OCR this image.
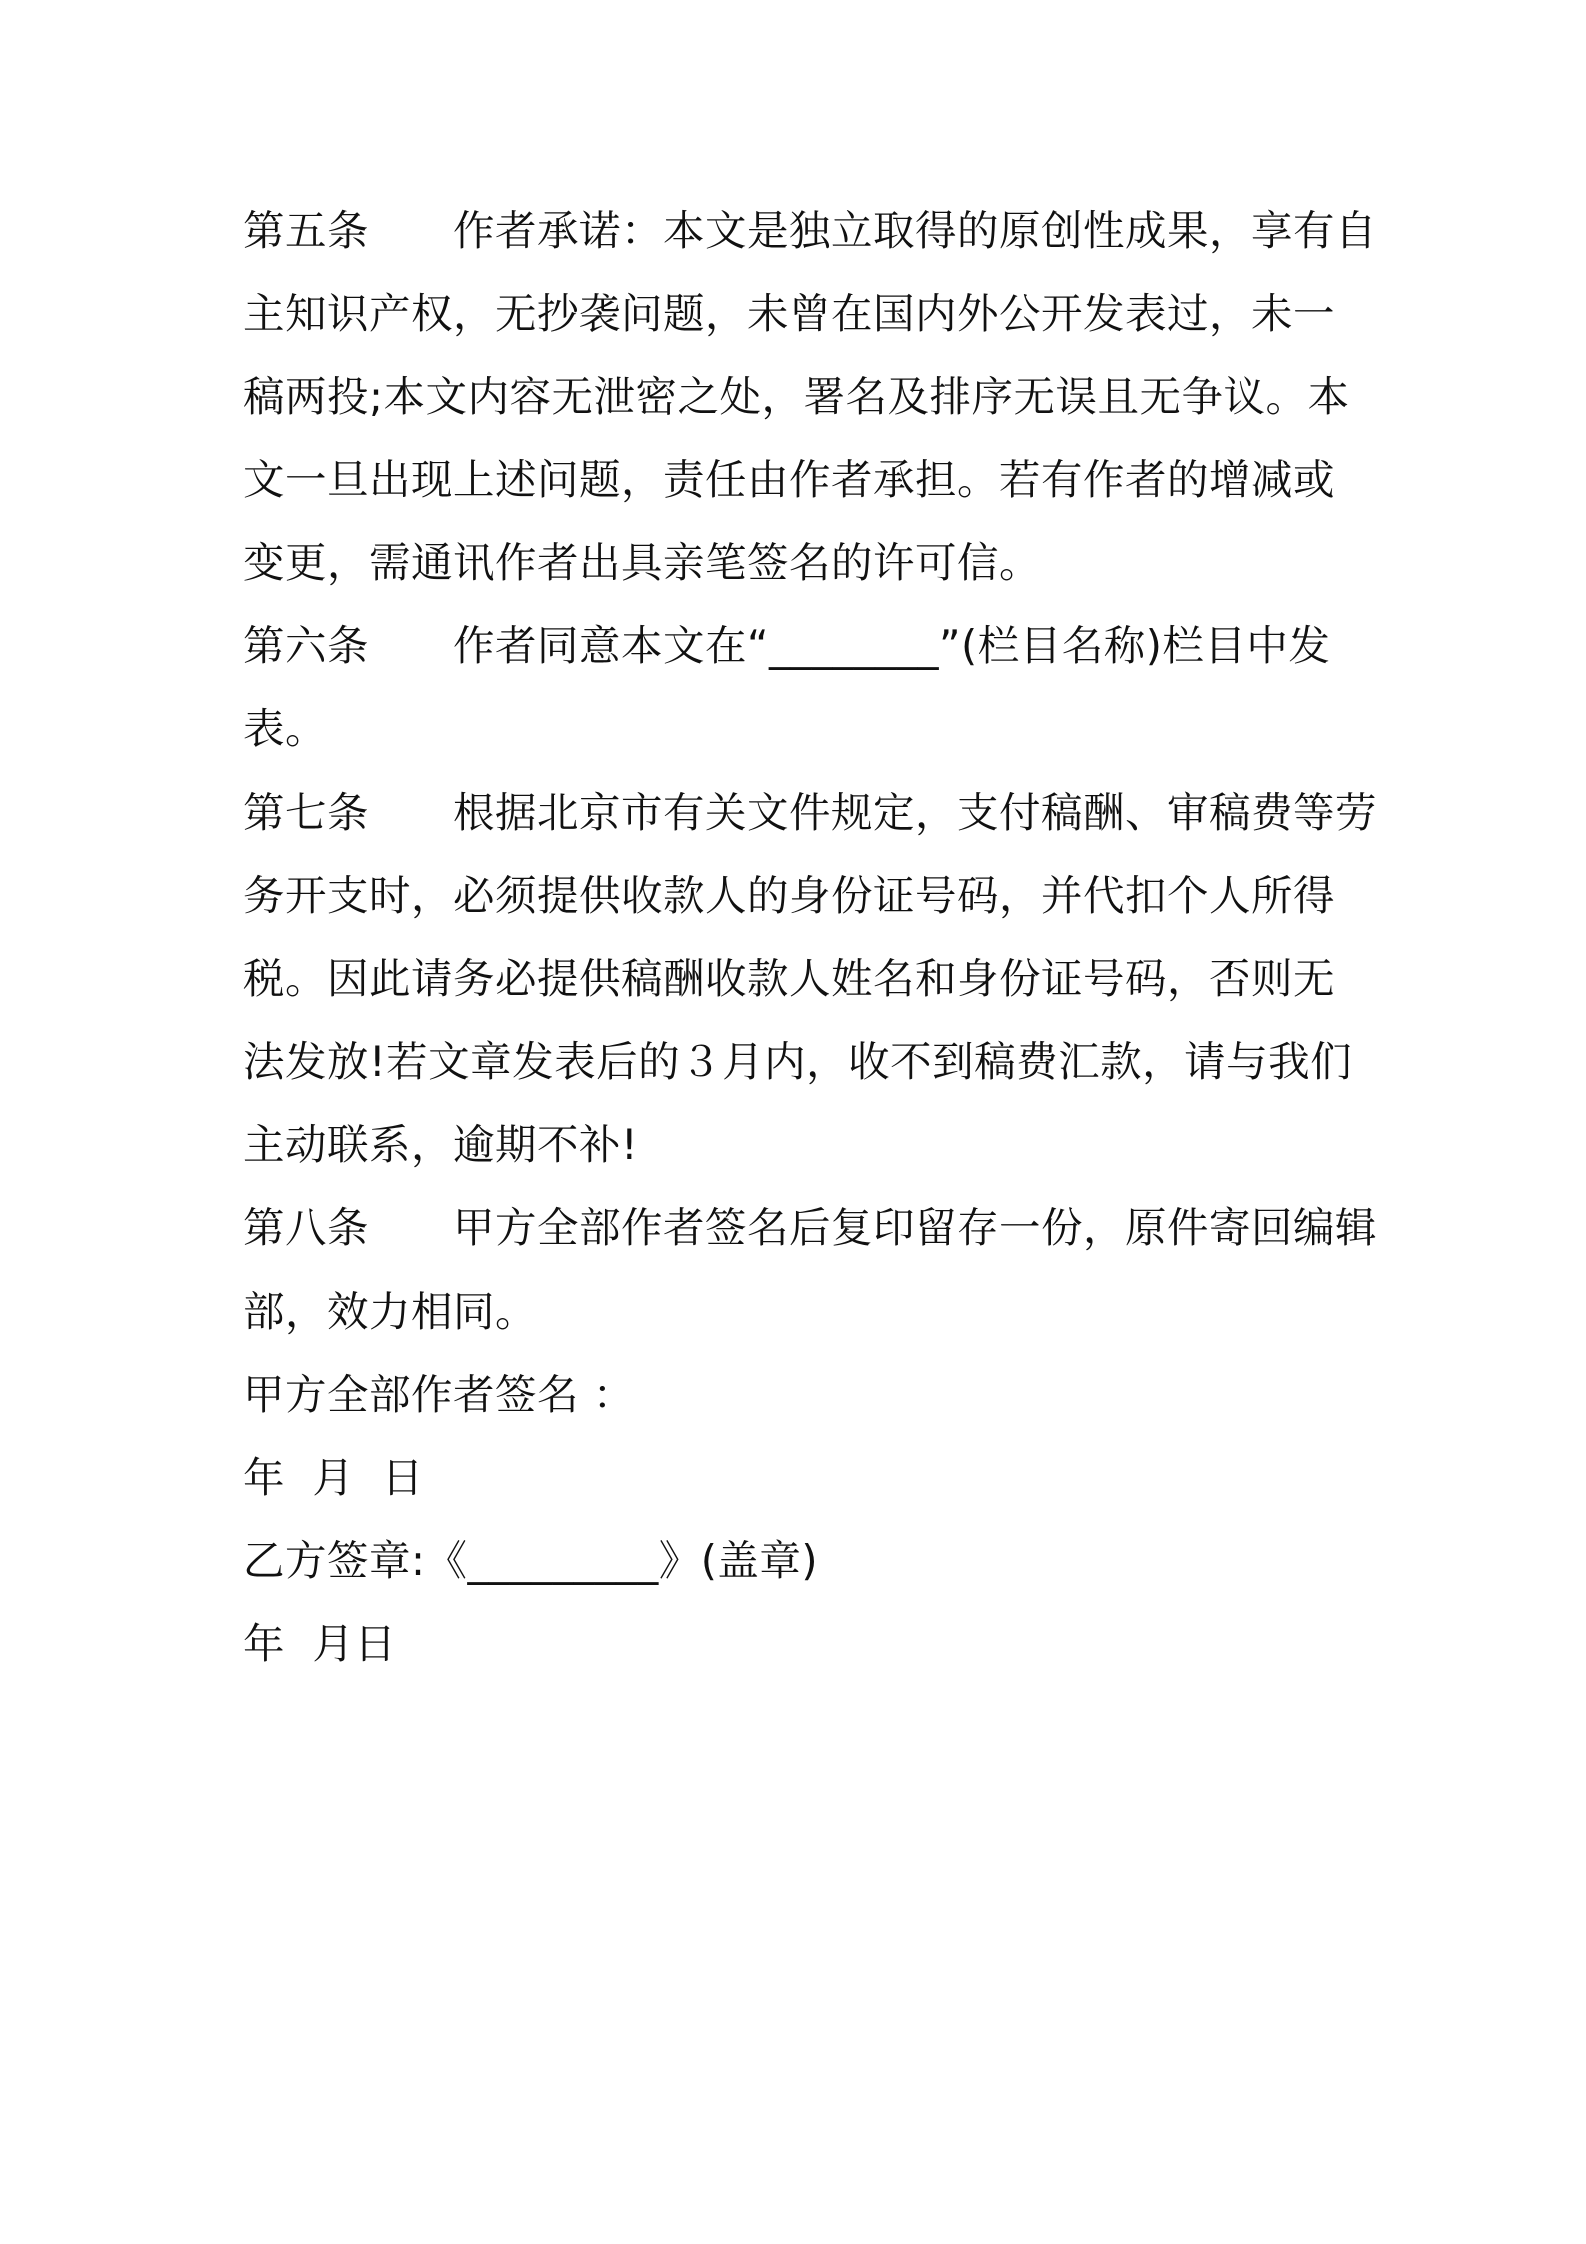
第五条　　作者承诺：本文是独立取得的原创性成果，享有自

主知识产权，无抄袭问题，未曾在国内外公开发表过，未一

稿两投;本文内容无泄密之处，署名及排序无误且无争议。本

文一旦出现上述问题，责任由作者承担。若有作者的增减或

变更，需通讯作者出具亲笔签名的许可信。

第六条　　作者同意本文在“________”(栏目名称)栏目中发

表。

第七条　　根据北京市有关文件规定，支付稿酬、审稿费等劳

务开支时，必须提供收款人的身份证号码，并代扣个人所得

税。因此请务必提供稿酬收款人姓名和身份证号码，否则无

法发放!若文章发表后的３月内，收不到稿费汇款，请与我们

主动联系，逾期不补!

第八条　　甲方全部作者签名后复印留存一份，原件寄回编辑

部，效力相同。

甲方全部作者签名 ：

年  月  日

乙方签章:《_________》(盖章)

年  月日
